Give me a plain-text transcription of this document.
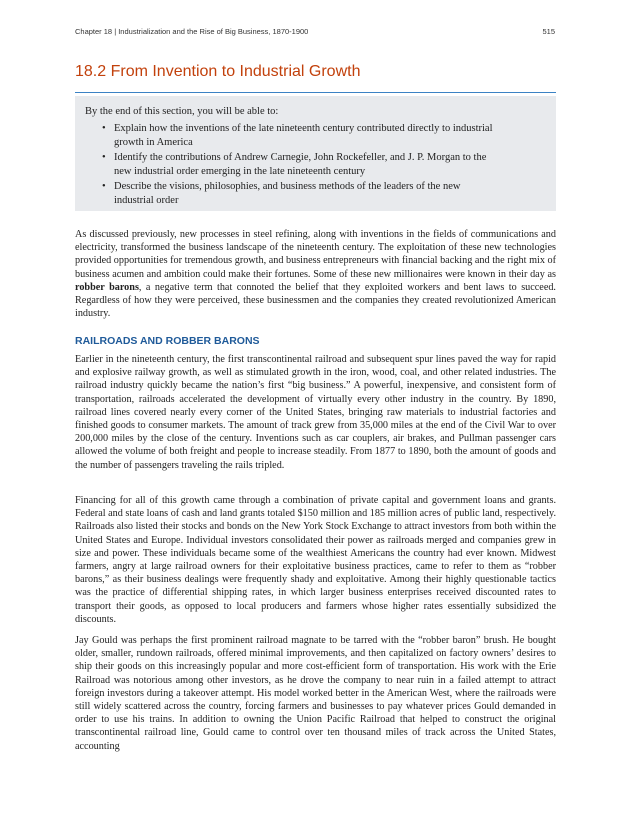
Chapter 18 | Industrialization and the Rise of Big Business, 1870-1900	515
18.2 From Invention to Industrial Growth
By the end of this section, you will be able to:
• Explain how the inventions of the late nineteenth century contributed directly to industrial growth in America
• Identify the contributions of Andrew Carnegie, John Rockefeller, and J. P. Morgan to the new industrial order emerging in the late nineteenth century
• Describe the visions, philosophies, and business methods of the leaders of the new industrial order

As discussed previously, new processes in steel refining, along with inventions in the fields of communications and electricity, transformed the business landscape of the nineteenth century. The exploitation of these new technologies provided opportunities for tremendous growth, and business entrepreneurs with financial backing and the right mix of business acumen and ambition could make their fortunes. Some of these new millionaires were known in their day as robber barons, a negative term that connoted the belief that they exploited workers and bent laws to succeed. Regardless of how they were perceived, these businessmen and the companies they created revolutionized American industry.

RAILROADS AND ROBBER BARONS

Earlier in the nineteenth century, the first transcontinental railroad and subsequent spur lines paved the way for rapid and explosive railway growth, as well as stimulated growth in the iron, wood, coal, and other related industries. The railroad industry quickly became the nation’s first “big business.” A powerful, inexpensive, and consistent form of transportation, railroads accelerated the development of virtually every other industry in the country. By 1890, railroad lines covered nearly every corner of the United States, bringing raw materials to industrial factories and finished goods to consumer markets. The amount of track grew from 35,000 miles at the end of the Civil War to over 200,000 miles by the close of the century. Inventions such as car couplers, air brakes, and Pullman passenger cars allowed the volume of both freight and people to increase steadily. From 1877 to 1890, both the amount of goods and the number of passengers traveling the rails tripled.

Financing for all of this growth came through a combination of private capital and government loans and grants. Federal and state loans of cash and land grants totaled $150 million and 185 million acres of public land, respectively. Railroads also listed their stocks and bonds on the New York Stock Exchange to attract investors from both within the United States and Europe. Individual investors consolidated their power as railroads merged and companies grew in size and power. These individuals became some of the wealthiest Americans the country had ever known. Midwest farmers, angry at large railroad owners for their exploitative business practices, came to refer to them as “robber barons,” as their business dealings were frequently shady and exploitative. Among their highly questionable tactics was the practice of differential shipping rates, in which larger business enterprises received discounted rates to transport their goods, as opposed to local producers and farmers whose higher rates essentially subsidized the discounts.

Jay Gould was perhaps the first prominent railroad magnate to be tarred with the “robber baron” brush. He bought older, smaller, rundown railroads, offered minimal improvements, and then capitalized on factory owners’ desires to ship their goods on this increasingly popular and more cost-efficient form of transportation. His work with the Erie Railroad was notorious among other investors, as he drove the company to near ruin in a failed attempt to attract foreign investors during a takeover attempt. His model worked better in the American West, where the railroads were still widely scattered across the country, forcing farmers and businesses to pay whatever prices Gould demanded in order to use his trains. In addition to owning the Union Pacific Railroad that helped to construct the original transcontinental railroad line, Gould came to control over ten thousand miles of track across the United States, accounting
